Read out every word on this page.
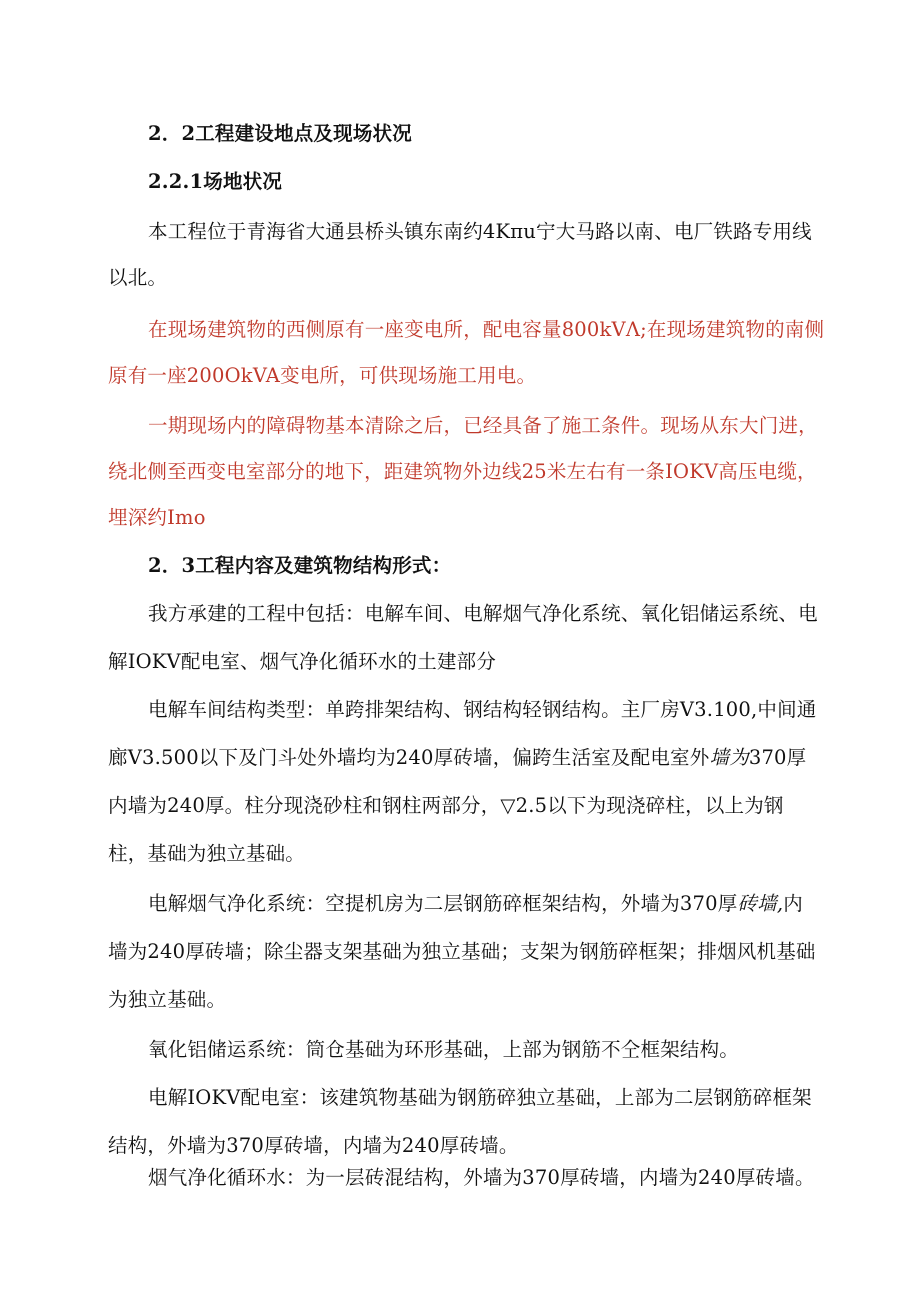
2．2工程建设地点及现场状况
2.2.1场地状况
本工程位于青海省大通县桥头镇东南约4Kπu宁大马路以南、电厂铁路专用线
以北。
在现场建筑物的西侧原有一座变电所，配电容量800kVΛ;在现场建筑物的南侧
原有一座200OkVA变电所，可供现场施工用电。
一期现场内的障碍物基本清除之后，已经具备了施工条件。现场从东大门进，
绕北侧至西变电室部分的地下，距建筑物外边线25米左右有一条IOKV高压电缆，
埋深约Imo
2．3工程内容及建筑物结构形式：
我方承建的工程中包括：电解车间、电解烟气净化系统、氧化铝储运系统、电
解IOKV配电室、烟气净化循环水的土建部分
电解车间结构类型：单跨排架结构、钢结构轻钢结构。主厂房V3.100,中间通
廊V3.500以下及门斗处外墙均为240厚砖墙，偏跨生活室及配电室外墙为370厚
内墙为240厚。柱分现浇砂柱和钢柱两部分，▽2.5以下为现浇碎柱，以上为钢
柱，基础为独立基础。
电解烟气净化系统：空提机房为二层钢筋碎框架结构，外墙为370厚砖墙,内
墙为240厚砖墙；除尘器支架基础为独立基础；支架为钢筋碎框架；排烟风机基础
为独立基础。
氧化铝储运系统：筒仓基础为环形基础，上部为钢筋不仝框架结构。
电解IOKV配电室：该建筑物基础为钢筋碎独立基础，上部为二层钢筋碎框架
结构，外墙为370厚砖墙，内墙为240厚砖墙。
烟气净化循环水：为一层砖混结构，外墙为370厚砖墙，内墙为240厚砖墙。
